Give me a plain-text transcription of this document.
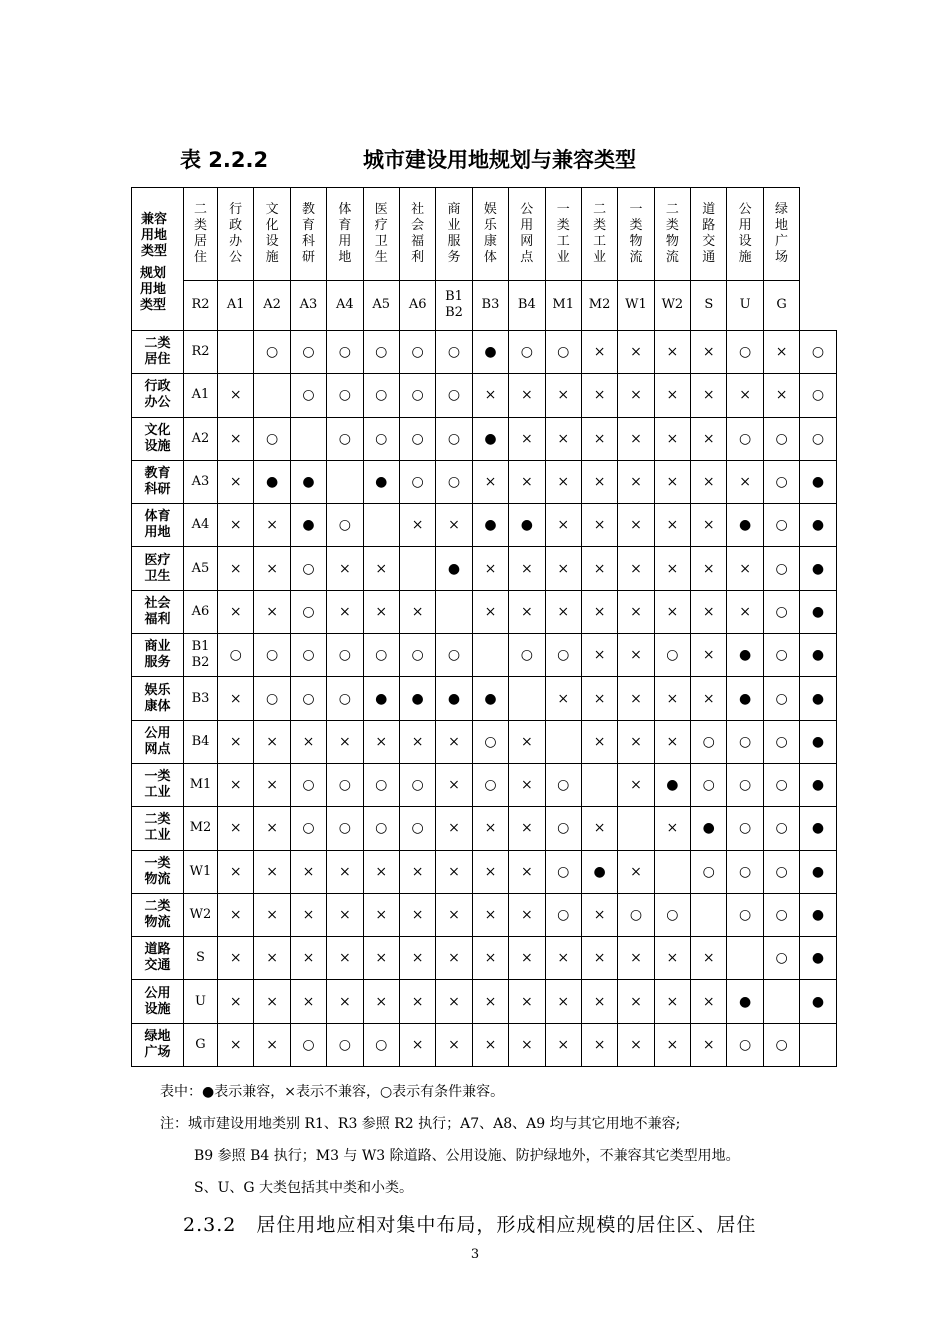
表 2.2.2	城市建设用地规划与兼容类型
兼容用地类型
规划用地类型	二类居住	行政办公	文化设施	教育科研	体育用地	医疗卫生	社会福利	商业服务	娱乐康体	公用网点	一类工业	二类工业	一类物流	二类物流	道路交通	公用设施	绿地广场	

	R2	A1	A2	A3	A4	A5	A6	B1
B2	B3	B4	M1	M2	W1	W2	S	U	G	

二类居住	R2		○	○	○	○	○	○	●	○	○	×	×	×	×	○	×	○

行政办公	A1	×		○	○	○	○	○	×	×	×	×	×	×	×	×	×	○

文化设施	A2	×	○		○	○	○	○	●	×	×	×	×	×	×	○	○	○

教育科研	A3	×	●	●		●	○	○	×	×	×	×	×	×	×	×	○	●

体育用地	A4	×	×	●	○		×	×	●	●	×	×	×	×	×	●	○	●

医疗卫生	A5	×	×	○	×	×		●	×	×	×	×	×	×	×	×	○	●

社会福利	A6	×	×	○	×	×	×		×	×	×	×	×	×	×	×	○	●

商业服务	B1
B2	○	○	○	○	○	○	○		○	○	×	×	○	×	●	○	●

娱乐康体	B3	×	○	○	○	●	●	●	●		×	×	×	×	×	●	○	●

公用网点	B4	×	×	×	×	×	×	×	○	×		×	×	×	○	○	○	●

一类工业	M1	×	×	○	○	○	○	×	○	×	○		×	●	○	○	○	●

二类工业	M2	×	×	○	○	○	○	×	×	×	○	×		×	●	○	○	●

一类物流	W1	×	×	×	×	×	×	×	×	×	○	●	×		○	○	○	●

二类物流	W2	×	×	×	×	×	×	×	×	×	○	×	○	○		○	○	●

道路交通	S	×	×	×	×	×	×	×	×	×	×	×	×	×	×		○	●

公用设施	U	×	×	×	×	×	×	×	×	×	×	×	×	×	×	●		●

绿地广场	G	×	×	○	○	○	×	×	×	×	×	×	×	×	×	○	○	

表中：●表示兼容，×表示不兼容，○表示有条件兼容。

注：城市建设用地类别 R1、R3 参照 R2 执行；A7、A8、A9 均与其它用地不兼容;

B9 参照 B4 执行；M3 与 W3 除道路、公用设施、防护绿地外，不兼容其它类型用地。

S、U、G 大类包括其中类和小类。

2.3.2　居住用地应相对集中布局，形成相应规模的居住区、居住
3
